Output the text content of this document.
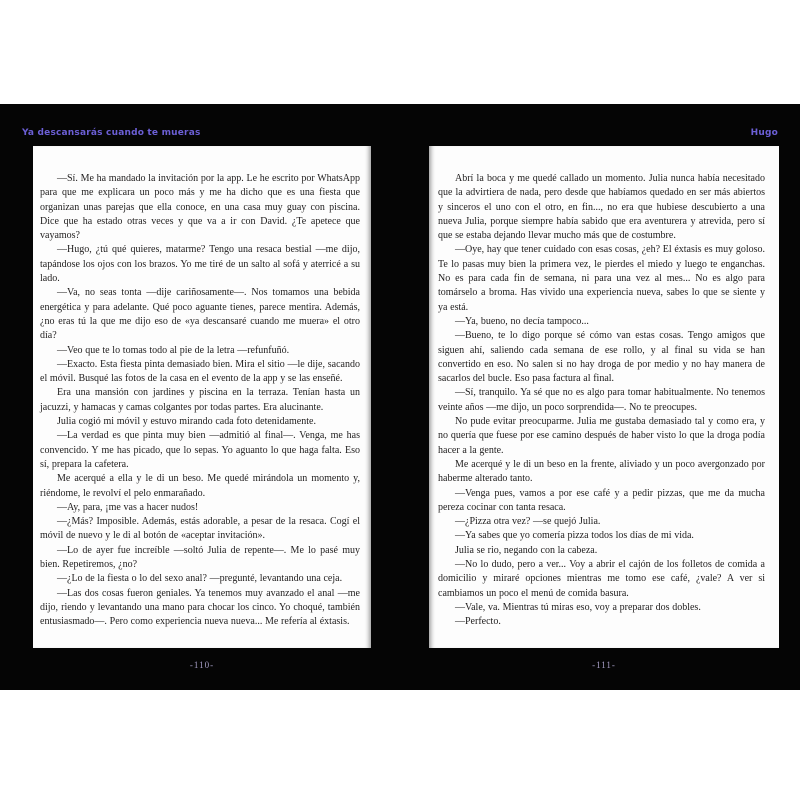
Ya descansarás cuando te mueras	Hugo

—Sí. Me ha mandado la invitación por la app. Le he escrito por WhatsApp para que me explicara un poco más y me ha dicho que es una fiesta que organizan unas parejas que ella conoce, en una casa muy guay con piscina. Dice que ha estado otras veces y que va a ir con David. ¿Te apetece que vayamos?

—Hugo, ¿tú qué quieres, matarme? Tengo una resaca bestial —me dijo, tapándose los ojos con los brazos. Yo me tiré de un salto al sofá y aterricé a su lado.

—Va, no seas tonta —dije cariñosamente—. Nos tomamos una bebida energética y para adelante. Qué poco aguante tienes, parece mentira. Además, ¿no eras tú la que me dijo eso de «ya descansaré cuando me muera» el otro día?

—Veo que te lo tomas todo al pie de la letra —refunfuñó.

—Exacto. Esta fiesta pinta demasiado bien. Mira el sitio —le dije, sacando el móvil. Busqué las fotos de la casa en el evento de la app y se las enseñé.

Era una mansión con jardines y piscina en la terraza. Tenían hasta un jacuzzi, y hamacas y camas colgantes por todas partes. Era alucinante.

Julia cogió mi móvil y estuvo mirando cada foto detenidamente.

—La verdad es que pinta muy bien —admitió al final—. Venga, me has convencido. Y me has picado, que lo sepas. Yo aguanto lo que haga falta. Eso sí, prepara la cafetera.

Me acerqué a ella y le di un beso. Me quedé mirándola un momento y, riéndome, le revolví el pelo enmarañado.

—Ay, para, ¡me vas a hacer nudos!

—¿Más? Imposible. Además, estás adorable, a pesar de la resaca. Cogí el móvil de nuevo y le di al botón de «aceptar invitación».

—Lo de ayer fue increíble —soltó Julia de repente—. Me lo pasé muy bien. Repetiremos, ¿no?

—¿Lo de la fiesta o lo del sexo anal? —pregunté, levantando una ceja.

—Las dos cosas fueron geniales. Ya tenemos muy avanzado el anal —me dijo, riendo y levantando una mano para chocar los cinco. Yo choqué, también entusiasmado—. Pero como experiencia nueva nueva... Me refería al éxtasis.

Abrí la boca y me quedé callado un momento. Julia nunca había necesitado que la advirtiera de nada, pero desde que habíamos quedado en ser más abiertos y sinceros el uno con el otro, en fin..., no era que hubiese descubierto a una nueva Julia, porque siempre había sabido que era aventurera y atrevida, pero sí que se estaba dejando llevar mucho más que de costumbre.

—Oye, hay que tener cuidado con esas cosas, ¿eh? El éxtasis es muy goloso. Te lo pasas muy bien la primera vez, le pierdes el miedo y luego te enganchas. No es para cada fin de semana, ni para una vez al mes... No es algo para tomárselo a broma. Has vivido una experiencia nueva, sabes lo que se siente y ya está.

—Ya, bueno, no decía tampoco...

—Bueno, te lo digo porque sé cómo van estas cosas. Tengo amigos que siguen ahí, saliendo cada semana de ese rollo, y al final su vida se han convertido en eso. No salen si no hay droga de por medio y no hay manera de sacarlos del bucle. Eso pasa factura al final.

—Sí, tranquilo. Ya sé que no es algo para tomar habitualmente. No tenemos veinte años —me dijo, un poco sorprendida—. No te preocupes.

No pude evitar preocuparme. Julia me gustaba demasiado tal y como era, y no quería que fuese por ese camino después de haber visto lo que la droga podía hacer a la gente.

Me acerqué y le di un beso en la frente, aliviado y un poco avergonzado por haberme alterado tanto.

—Venga pues, vamos a por ese café y a pedir pizzas, que me da mucha pereza cocinar con tanta resaca.

—¿Pizza otra vez? —se quejó Julia.

—Ya sabes que yo comería pizza todos los días de mi vida.

Julia se rio, negando con la cabeza.

—No lo dudo, pero a ver... Voy a abrir el cajón de los folletos de comida a domicilio y miraré opciones mientras me tomo ese café, ¿vale? A ver si cambiamos un poco el menú de comida basura.

—Vale, va. Mientras tú miras eso, voy a preparar dos dobles.

—Perfecto.

-110-	-111-
